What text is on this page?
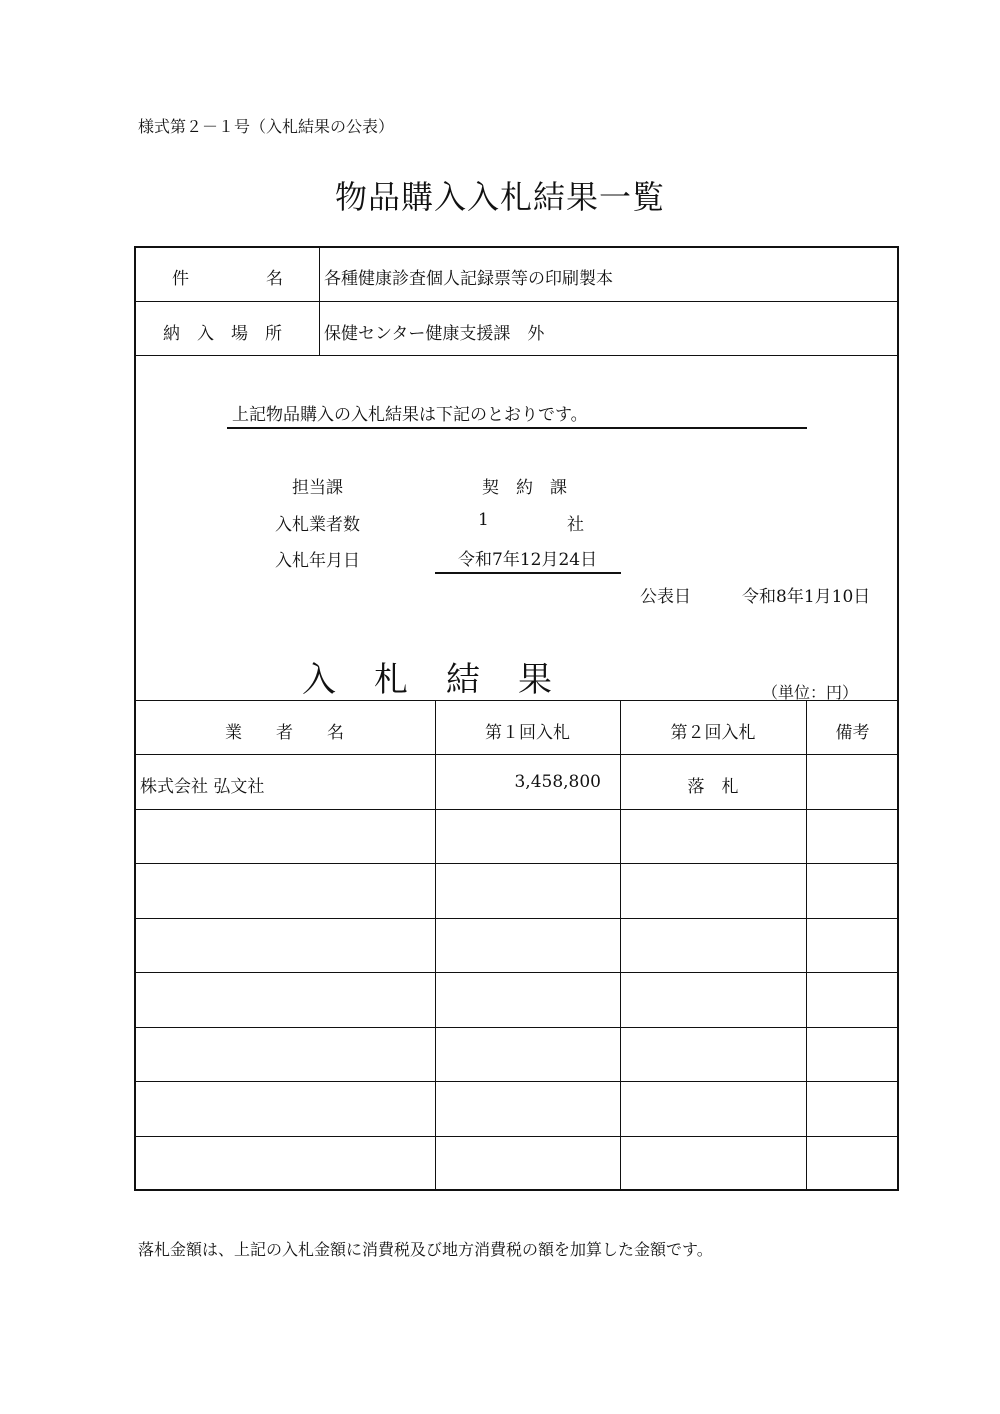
様式第２－１号（入札結果の公表）
物品購入入札結果一覧
件	名 各種健康診査個人記録票等の印刷製本
納　入　場　所 保健センター健康支援課　外
上記物品購入の入札結果は下記のとおりです。
担当課	契　約　課
入札業者数	1	社
入札年月日	令和7年12月24日
公表日	令和8年1月10日
入　札　結　果	（単位：円）
業　　者　　名	第１回入札	第２回入札	備考
株式会社 弘文社	3,458,800	落　札
落札金額は、上記の入札金額に消費税及び地方消費税の額を加算した金額です。
